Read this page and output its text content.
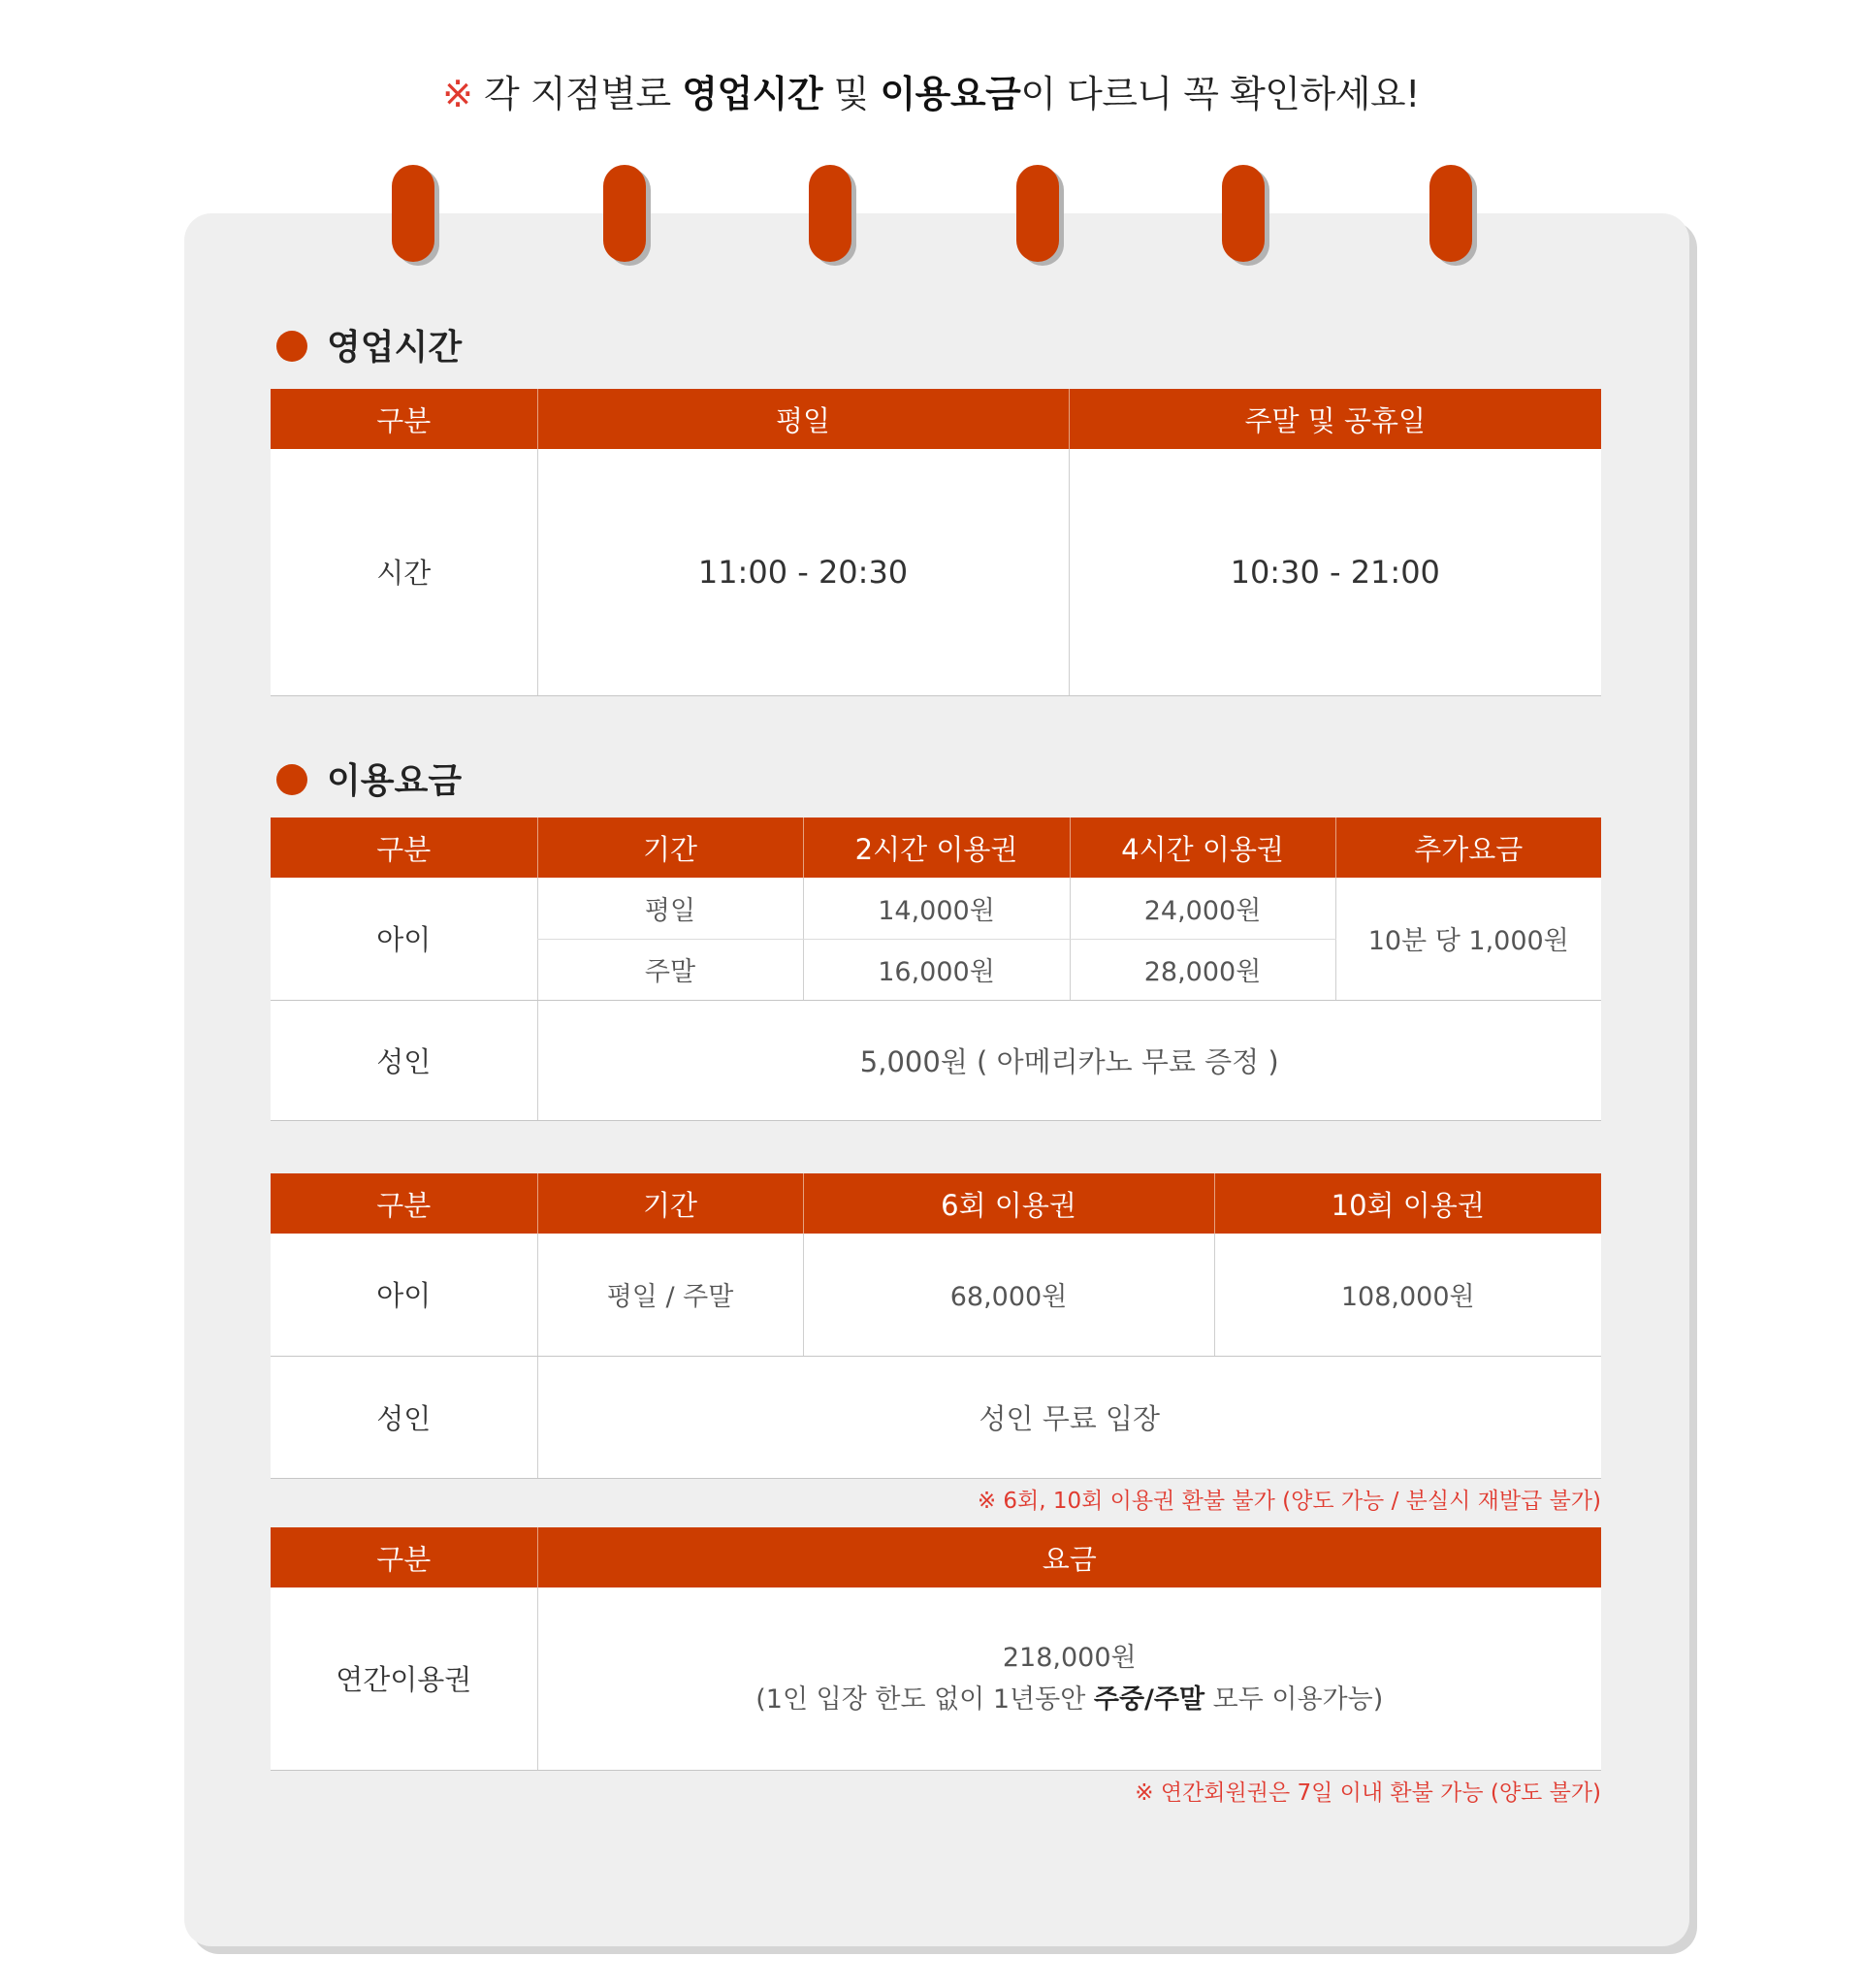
※ 각 지점별로 영업시간 및 이용요금이 다르니 꼭 확인하세요!
영업시간
구분	평일	주말 및 공휴일
시간	11:00 - 20:30	10:30 - 21:00
이용요금
구분	기간	2시간 이용권	4시간 이용권	추가요금
아이	평일	14,000원	24,000원	10분 당 1,000원
	주말	16,000원	28,000원	
성인	5,000원 ( 아메리카노 무료 증정 )			
구분	기간	6회 이용권	10회 이용권
아이	평일 / 주말	68,000원	108,000원
성인	성인 무료 입장		
※ 6회, 10회 이용권 환불 불가 (양도 가능 / 분실시 재발급 불가)
구분	요금
연간이용권	218,000원
(1인 입장 한도 없이 1년동안 주중/주말 모두 이용가능)
※ 연간회원권은 7일 이내 환불 가능 (양도 불가)
